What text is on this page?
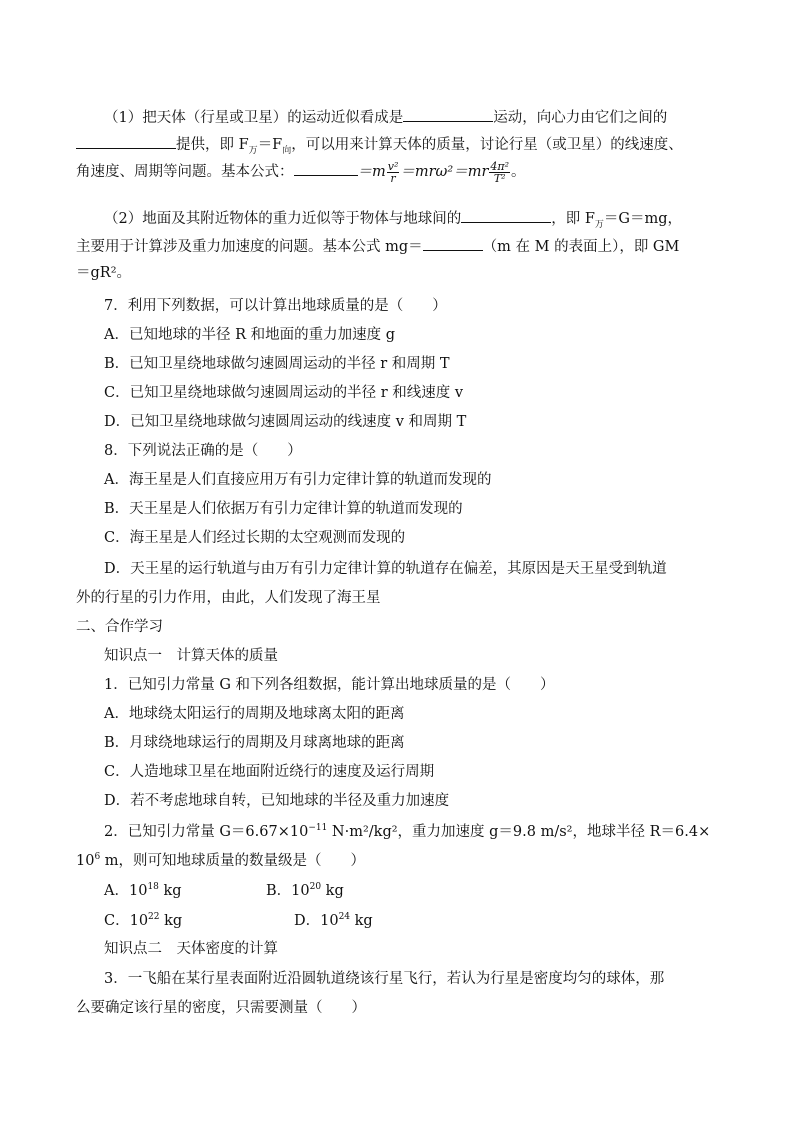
（1）把天体（行星或卫星）的运动近似看成是	运动，向心力由它们之间的
提供，即 $F_万=F_向$，可以用来计算天体的质量，讨论行星（或卫星）的线速度、
角速度、周期等问题。基本公式：	$=m \frac{\text{v²}}{r} =mr\omega^2=mr \frac{\text{4π²}}{\text{T²}}$ 。
（2）地面及其附近物体的重力近似等于物体与地球间的	，即 $F_万=G=mg$，
主要用于计算涉及重力加速度的问题。基本公式 mg＝	（m 在 M 的表面上），即 GM
＝gR²。
7．利用下列数据，可以计算出地球质量的是（　　）
A．已知地球的半径 R 和地面的重力加速度 g
B．已知卫星绕地球做匀速圆周运动的半径 r 和周期 T
C．已知卫星绕地球做匀速圆周运动的半径 r 和线速度 v
D．已知卫星绕地球做匀速圆周运动的线速度 v 和周期 T
8．下列说法正确的是（　　）
A．海王星是人们直接应用万有引力定律计算的轨道而发现的
B．天王星是人们依据万有引力定律计算的轨道而发现的
C．海王星是人们经过长期的太空观测而发现的
D．天王星的运行轨道与由万有引力定律计算的轨道存在偏差，其原因是天王星受到轨道
外的行星的引力作用，由此，人们发现了海王星
二、合作学习
知识点一　计算天体的质量
1．已知引力常量 G 和下列各组数据，能计算出地球质量的是（　　）
A．地球绕太阳运行的周期及地球离太阳的距离
B．月球绕地球运行的周期及月球离地球的距离
C．人造地球卫星在地面附近绕行的速度及运行周期
D．若不考虑地球自转，已知地球的半径及重力加速度
2．已知引力常量 $G=6.67\times 10^{-11}$ N·m²/kg²，重力加速度 g＝9.8 m/s²，地球半径 R＝6.4×
$10^6$ m，则可知地球质量的数量级是（　　）
A．$10^{18}$ kg	B．$10^{20}$ kg
C．$10^{22}$ kg	D．$10^{24}$ kg
知识点二　天体密度的计算
3．一飞船在某行星表面附近沿圆轨道绕该行星飞行，若认为行星是密度均匀的球体，那
么要确定该行星的密度，只需要测量（　　）
